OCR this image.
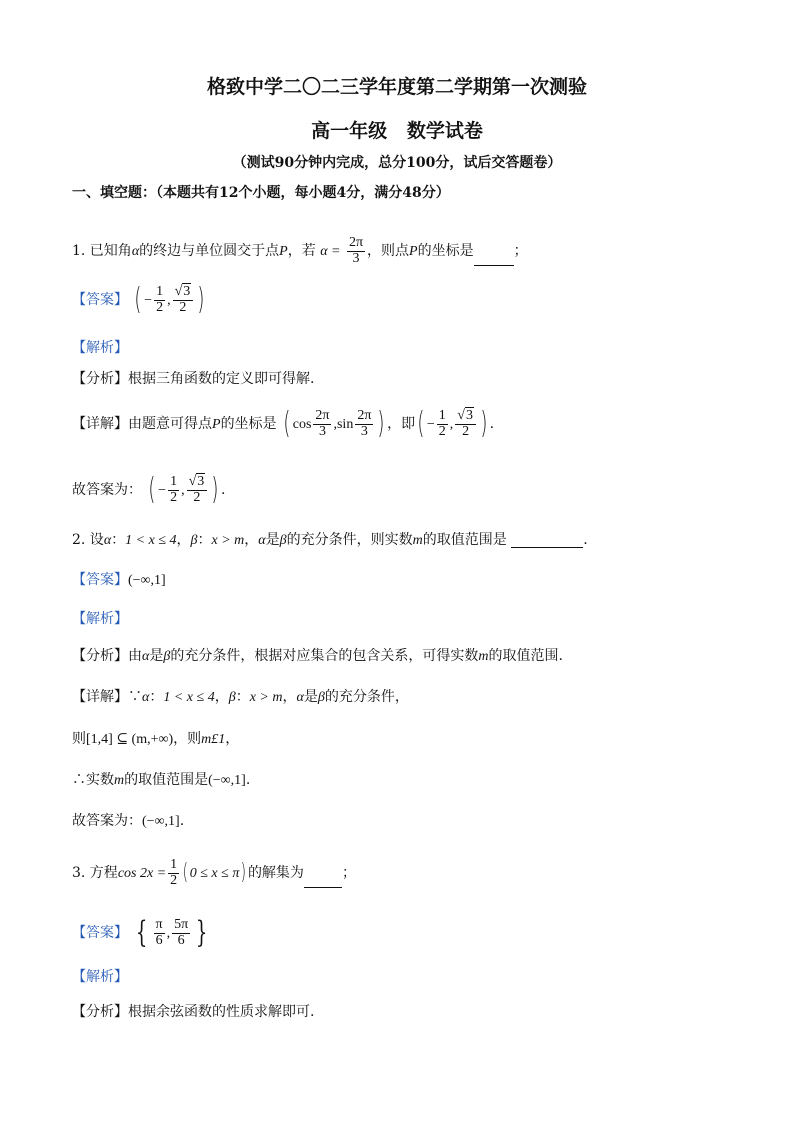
格致中学二〇二三学年度第二学期第一次测验
高一年级   数学试卷
（测试90分钟内完成，总分100分，试后交答题卷）
一、填空题：（本题共有12个小题，每小题4分，满分48分）
1. 已知角α的终边与单位圆交于点P，若 $\alpha = \frac{2\pi}{3}$ ，则点P的坐标是	；
【答案】 ( − $\frac{1}{2}$ , $\frac{√3}{2}$ )
【解析】
【分析】根据三角函数的定义即可得解.
【详解】由题意可得点P的坐标是 ( $\cos \frac{2\pi}{3} ,\sin \frac{2\pi}{3}$ ) ，即( − $\frac{1}{2}$ , $\frac{√3}{2}$ ) .
故答案为： ( − $\frac{1}{2}$ , $\frac{√3}{2}$ ) .
2. 设α：1 < x ≤ 4，β：x > m，α是β的充分条件，则实数m的取值范围是	.
【答案】(−∞,1]
【解析】
【分析】由α是β的充分条件，根据对应集合的包含关系，可得实数m的取值范围.
【详解】∵α：1 < x ≤ 4，β：x > m，α是β的充分条件，
则[1,4] ⊆ (m,+∞)，则m£1，
∴实数m的取值范围是(−∞,1].
故答案为：(−∞,1].
3. 方程$\cos 2x = \frac{1}{2}$ ( 0 ≤ x ≤ π) 的解集为	；
【答案】 { $\frac{\pi}{6}$ , $\frac{5\pi}{6}$ }
【解析】
【分析】根据余弦函数的性质求解即可.
